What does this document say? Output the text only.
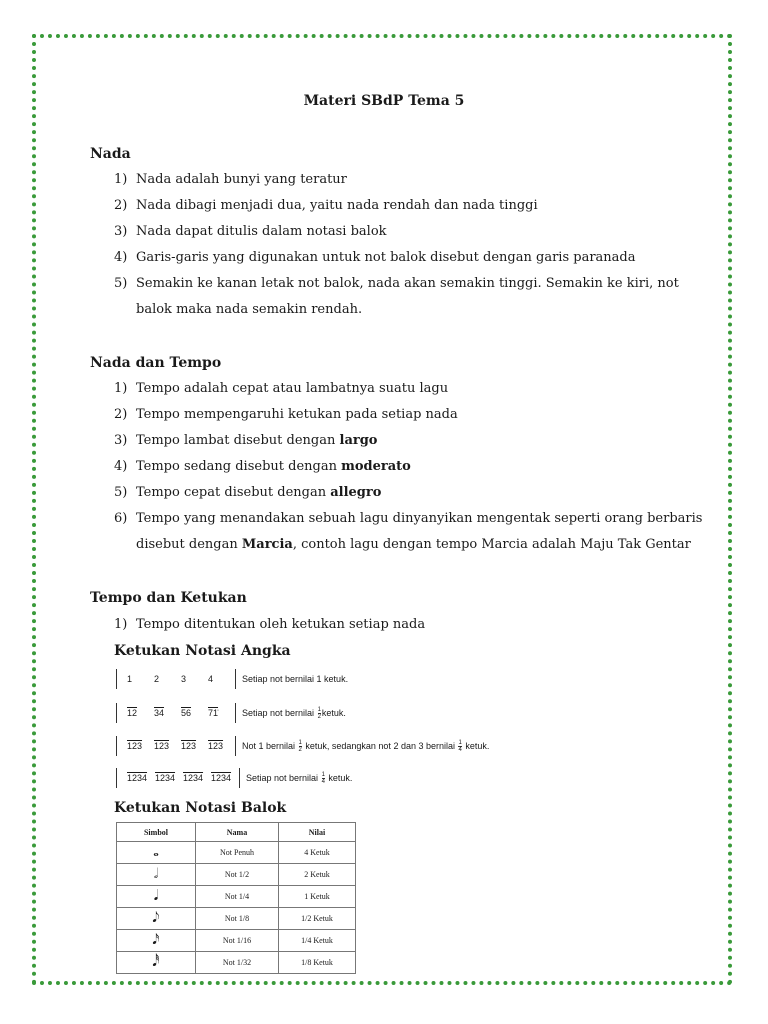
Materi SBdP Tema 5
Nada
1) Nada adalah bunyi yang teratur
2) Nada dibagi menjadi dua, yaitu nada rendah dan nada tinggi
3) Nada dapat ditulis dalam notasi balok
4) Garis-garis yang digunakan untuk not balok disebut dengan garis paranada
5) Semakin ke kanan letak not balok, nada akan semakin tinggi. Semakin ke kiri, not balok maka nada semakin rendah.
Nada dan Tempo
1) Tempo adalah cepat atau lambatnya suatu lagu
2) Tempo mempengaruhi ketukan pada setiap nada
3) Tempo lambat disebut dengan largo
4) Tempo sedang disebut dengan moderato
5) Tempo cepat disebut dengan allegro
6) Tempo yang menandakan sebuah lagu dinyanyikan mengentak seperti orang berbaris disebut dengan Marcia, contoh lagu dengan tempo Marcia adalah Maju Tak Gentar
Tempo dan Ketukan
1) Tempo ditentukan oleh ketukan setiap nada
Ketukan Notasi Angka
1	2	3	4	Setiap not bernilai 1 ketuk.
12	34	56	71̇	Setiap not bernilai $\frac{1}{2}$ ketuk.
123	123	123	123	Not 1 bernilai $\frac{1}{2}$ ketuk, sedangkan not 2 dan 3 bernilai $\frac{1}{4}$ ketuk.
1234 1234 1234 1234	Setiap not bernilai $\frac{1}{4}$ ketuk.
Ketukan Notasi Balok
Simbol	Nama	Nilai
𝅝	Not Penuh	4 Ketuk
𝅗𝅥	Not 1/2	2 Ketuk
𝅘𝅥	Not 1/4	1 Ketuk
𝅘𝅥𝅮	Not 1/8	1/2 Ketuk
𝅘𝅥𝅯	Not 1/16	1/4 Ketuk
𝅘𝅥𝅰	Not 1/32	1/8 Ketuk
